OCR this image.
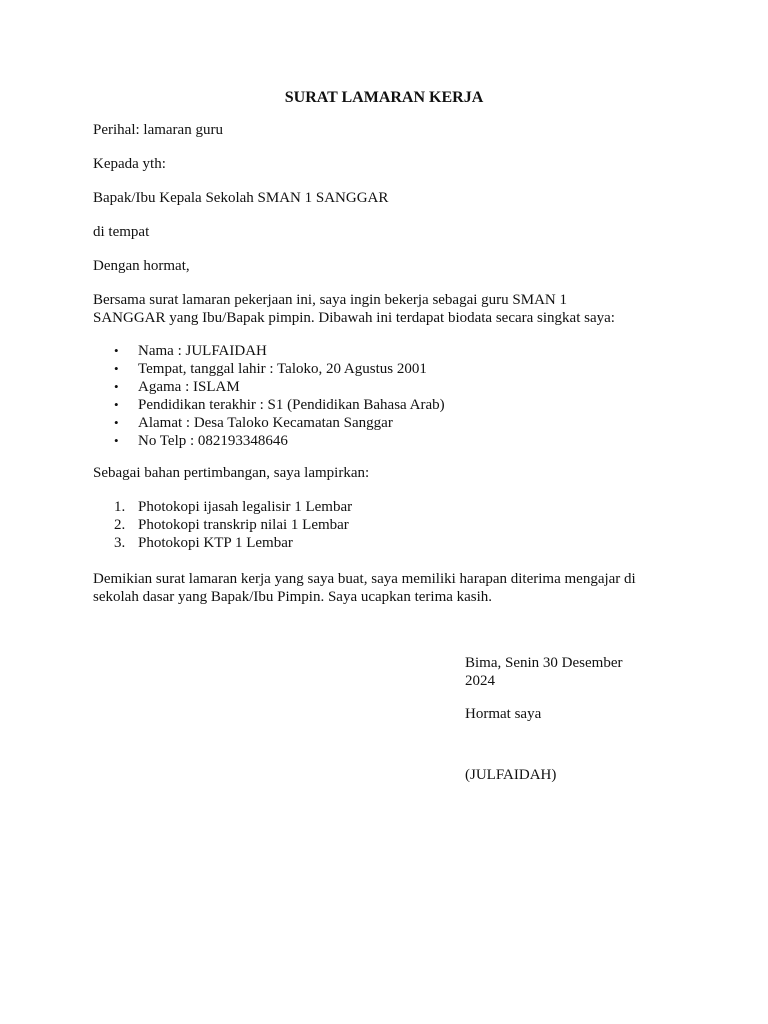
SURAT LAMARAN KERJA

Perihal: lamaran guru

Kepada yth:

Bapak/Ibu Kepala Sekolah SMAN 1 SANGGAR

di tempat

Dengan hormat,

Bersama surat lamaran pekerjaan ini, saya ingin bekerja sebagai guru SMAN 1
SANGGAR yang Ibu/Bapak pimpin. Dibawah ini terdapat biodata secara singkat saya:
• Nama : JULFAIDAH
• Tempat, tanggal lahir : Taloko, 20 Agustus 2001
• Agama : ISLAM
• Pendidikan terakhir : S1 (Pendidikan Bahasa Arab)
• Alamat : Desa Taloko Kecamatan Sanggar
• No Telp : 082193348646

Sebagai bahan pertimbangan, saya lampirkan:

1. Photokopi ijasah legalisir 1 Lembar
2. Photokopi transkrip nilai 1 Lembar
3. Photokopi KTP 1 Lembar
Demikian surat lamaran kerja yang saya buat, saya memiliki harapan diterima mengajar di
sekolah dasar yang Bapak/Ibu Pimpin. Saya ucapkan terima kasih.
Bima, Senin 30 Desember
2024

Hormat saya

(JULFAIDAH)
